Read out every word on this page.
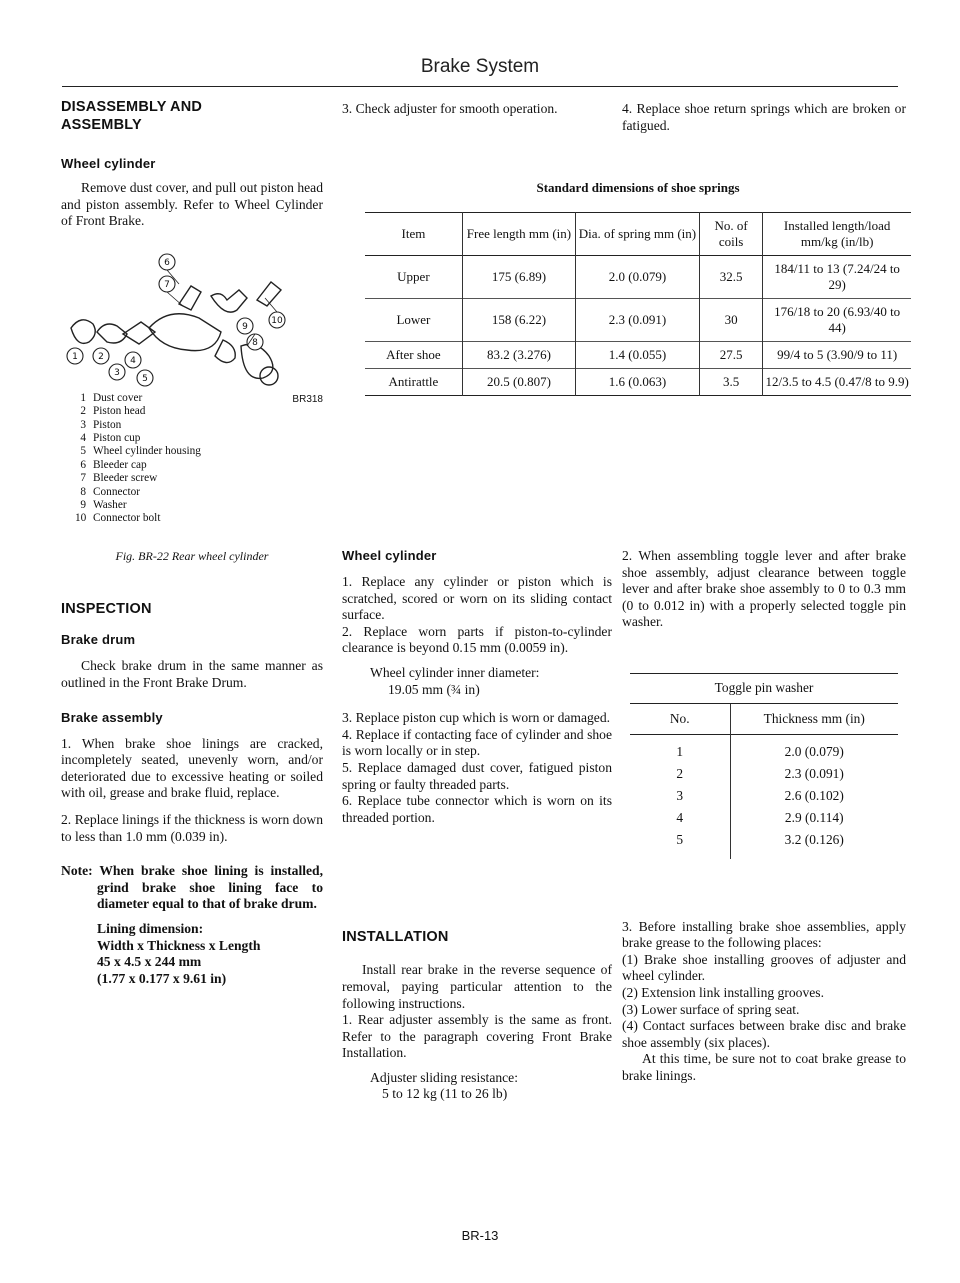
Brake System
DISASSEMBLY AND ASSEMBLY
Wheel cylinder

Remove dust cover, and pull out piston head and piston assembly. Refer to Wheel Cylinder of Front Brake.

1 2
3
4
5
6
7
8
9
10
BR318
1 Dust cover
2 Piston head
3 Piston
4 Piston cup
5 Wheel cylinder housing
6 Bleeder cap
7 Bleeder screw
8 Connector
9 Washer
10 Connector bolt
Fig. BR-22 Rear wheel cylinder
INSPECTION
Brake drum

Check brake drum in the same manner as outlined in the Front Brake Drum.

Brake assembly

1. When brake shoe linings are cracked, incompletely seated, unevenly worn, and/or deteriorated due to excessive heating or soiled with oil, grease and brake fluid, replace.

2. Replace linings if the thickness is worn down to less than 1.0 mm (0.039 in).

Note: When brake shoe lining is installed, grind brake shoe lining face to diameter equal to that of brake drum.

Lining dimension:
Width x Thickness x Length
45 x 4.5 x 244 mm
(1.77 x 0.177 x 9.61 in)

3. Check adjuster for smooth operation.	4. Replace shoe return springs which are broken or fatigued.

Standard dimensions of shoe springs
Item	Free length mm (in)	Dia. of spring mm (in)	No. of coils	Installed length/load mm/kg (in/lb)
Upper	175 (6.89)	2.0 (0.079)	32.5	184/11 to 13 (7.24/24 to 29)
Lower	158 (6.22)	2.3 (0.091)	30	176/18 to 20 (6.93/40 to 44)
After shoe	83.2 (3.276)	1.4 (0.055)	27.5	99/4 to 5 (3.90/9 to 11)
Antirattle	20.5 (0.807)	1.6 (0.063)	3.5	12/3.5 to 4.5 (0.47/8 to 9.9)
Wheel cylinder

1. Replace any cylinder or piston which is scratched, scored or worn on its sliding contact surface.

2. Replace worn parts if piston-to-cylinder clearance is beyond 0.15 mm (0.0059 in).

Wheel cylinder inner diameter:
19.05 mm (¾ in)

3. Replace piston cup which is worn or damaged.

4. Replace if contacting face of cylinder and shoe is worn locally or in step.

5. Replace damaged dust cover, fatigued piston spring or faulty threaded parts.

6. Replace tube connector which is worn on its threaded portion.

INSTALLATION

Install rear brake in the reverse sequence of removal, paying particular attention to the following instructions.

1. Rear adjuster assembly is the same as front. Refer to the paragraph covering Front Brake Installation.

Adjuster sliding resistance:
5 to 12 kg (11 to 26 lb)

2. When assembling toggle lever and after brake shoe assembly, adjust clearance between toggle lever and after brake shoe assembly to 0 to 0.3 mm (0 to 0.012 in) with a properly selected toggle pin washer.

Toggle pin washer
No.	Thickness mm (in)
1	2.0 (0.079)
2	2.3 (0.091)
3	2.6 (0.102)
4	2.9 (0.114)
5	3.2 (0.126)

3. Before installing brake shoe assemblies, apply brake grease to the following places:

(1) Brake shoe installing grooves of adjuster and wheel cylinder.

(2) Extension link installing grooves.

(3) Lower surface of spring seat.

(4) Contact surfaces between brake disc and brake shoe assembly (six places).

At this time, be sure not to coat brake grease to brake linings.

BR-13
